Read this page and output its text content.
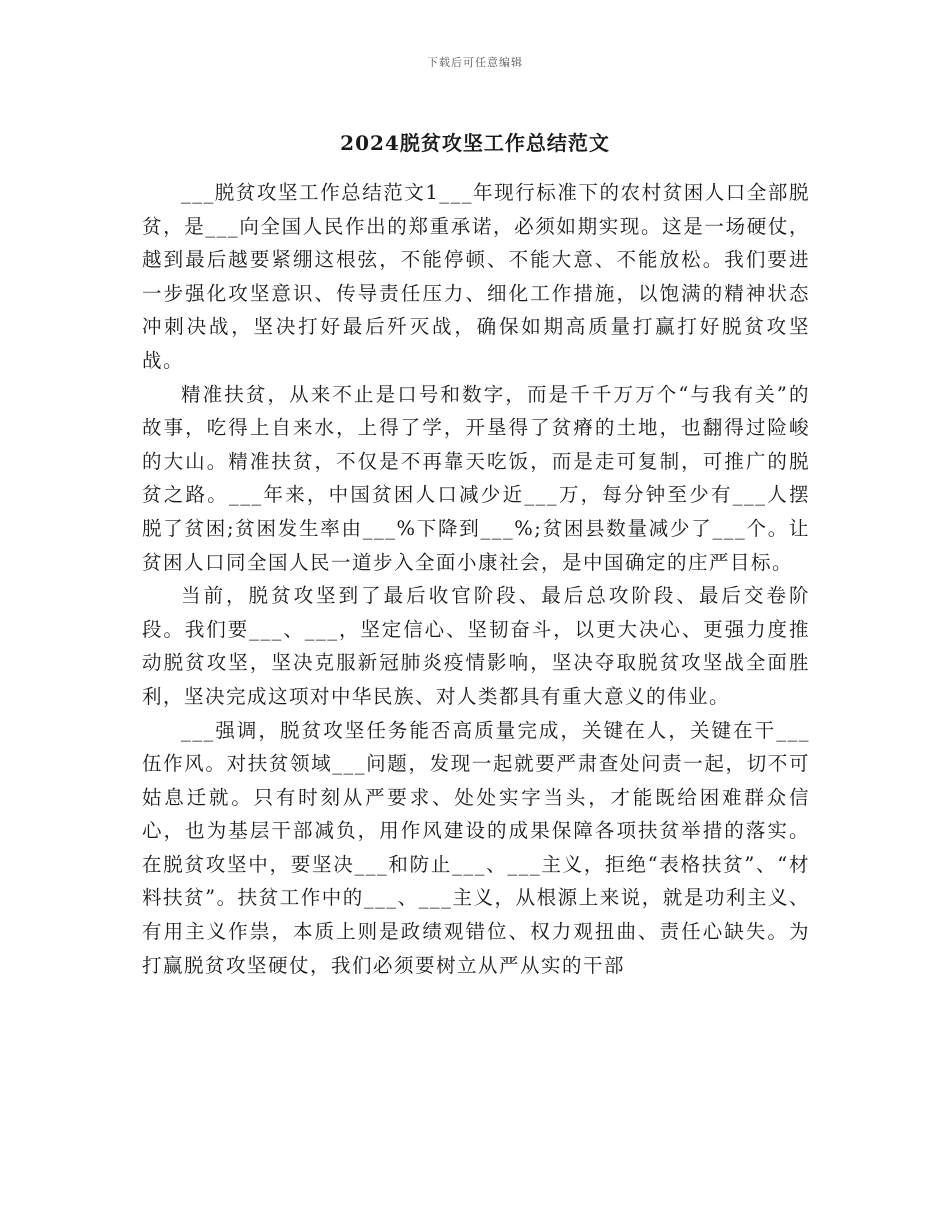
下载后可任意编辑
2024脱贫攻坚工作总结范文

___脱贫攻坚工作总结范文1___年现行标准下的农村贫困人口全部脱贫，是___向全国人民作出的郑重承诺，必须如期实现。这是一场硬仗，越到最后越要紧绷这根弦，不能停顿、不能大意、不能放松。我们要进一步强化攻坚意识、传导责任压力、细化工作措施，以饱满的精神状态冲刺决战，坚决打好最后歼灭战，确保如期高质量打赢打好脱贫攻坚战。

精准扶贫，从来不止是口号和数字，而是千千万万个“与我有关”的故事，吃得上自来水，上得了学，开垦得了贫瘠的土地，也翻得过险峻的大山。精准扶贫，不仅是不再靠天吃饭，而是走可复制，可推广的脱贫之路。___年来，中国贫困人口减少近___万，每分钟至少有___人摆脱了贫困;贫困发生率由___%下降到___%;贫困县数量减少了___个。让贫困人口同全国人民一道步入全面小康社会，是中国确定的庄严目标。

当前，脱贫攻坚到了最后收官阶段、最后总攻阶段、最后交卷阶段。我们要___、___，坚定信心、坚韧奋斗，以更大决心、更强力度推动脱贫攻坚，坚决克服新冠肺炎疫情影响，坚决夺取脱贫攻坚战全面胜利，坚决完成这项对中华民族、对人类都具有重大意义的伟业。

___强调，脱贫攻坚任务能否高质量完成，关键在人，关键在干___伍作风。对扶贫领域___问题，发现一起就要严肃查处问责一起，切不可姑息迁就。只有时刻从严要求、处处实字当头，才能既给困难群众信心，也为基层干部减负，用作风建设的成果保障各项扶贫举措的落实。在脱贫攻坚中，要坚决___和防止___、___主义，拒绝“表格扶贫”、“材料扶贫”。扶贫工作中的___、___主义，从根源上来说，就是功利主义、有用主义作祟，本质上则是政绩观错位、权力观扭曲、责任心缺失。为打赢脱贫攻坚硬仗，我们必须要树立从严从实的干部
